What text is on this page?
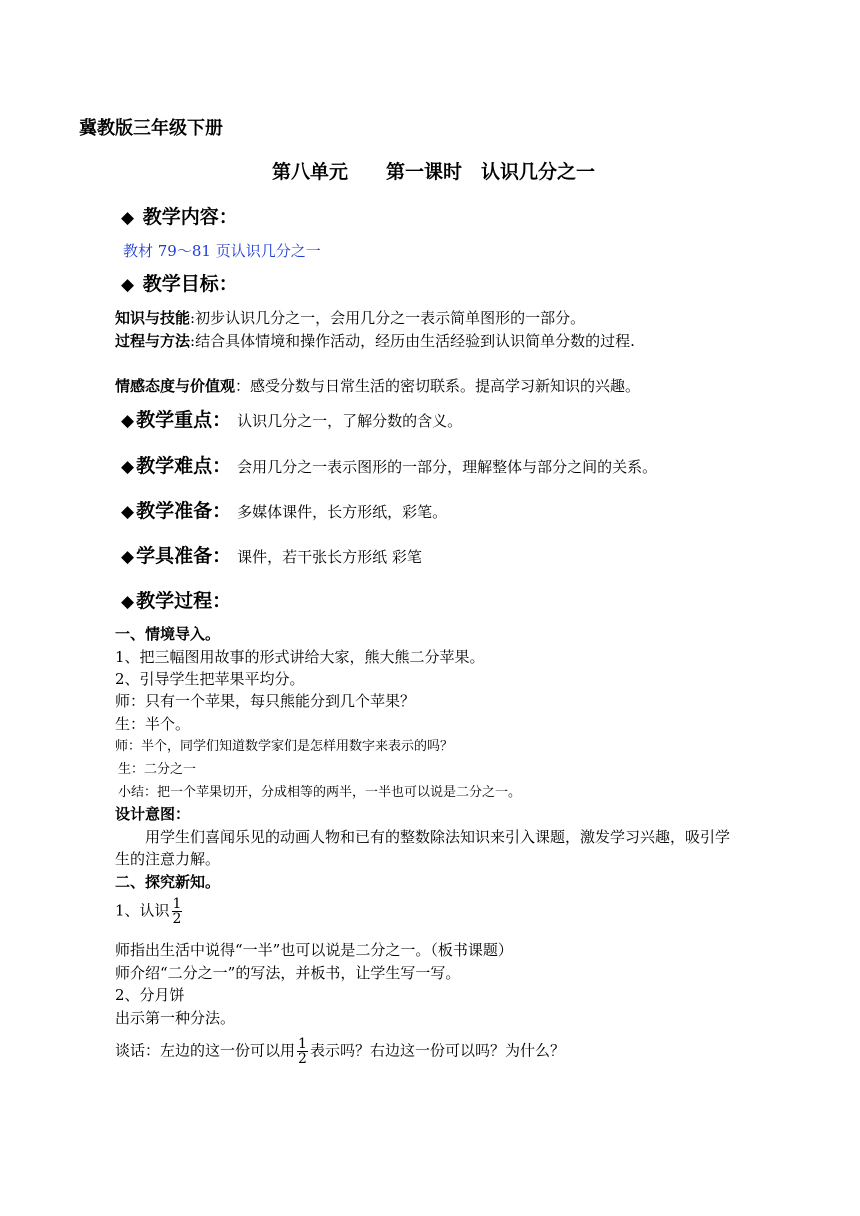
冀教版三年级下册
第八单元　　第一课时　认识几分之一
◆ 教学内容：
教材 79～81 页认识几分之一
◆ 教学目标：
知识与技能:初步认识几分之一，会用几分之一表示简单图形的一部分。
过程与方法:结合具体情境和操作活动，经历由生活经验到认识简单分数的过程.
情感态度与价值观：感受分数与日常生活的密切联系。提高学习新知识的兴趣。
◆ 教学重点： 认识几分之一，了解分数的含义。
◆ 教学难点： 会用几分之一表示图形的一部分，理解整体与部分之间的关系。
◆ 教学准备： 多媒体课件，长方形纸，彩笔。
◆ 学具准备： 课件，若干张长方形纸 彩笔
◆ 教学过程：
一、情境导入。
1、把三幅图用故事的形式讲给大家，熊大熊二分苹果。
2、引导学生把苹果平均分。
师：只有一个苹果，每只熊能分到几个苹果？
生：半个。
师：半个，同学们知道数学家们是怎样用数字来表示的吗？
生：二分之一
小结：把一个苹果切开，分成相等的两半，一半也可以说是二分之一。
设计意图：
用学生们喜闻乐见的动画人物和已有的整数除法知识来引入课题，激发学习兴趣，吸引学
生的注意力解。
二、探究新知。
1、认识 $\frac{1}{2}$
师指出生活中说得“一半”也可以说是二分之一。（板书课题）
师介绍“二分之一”的写法，并板书，让学生写一写。
2、分月饼
出示第一种分法。
谈话：左边的这一份可以用 $\frac{1}{2}$ 表示吗？右边这一份可以吗？为什么？
